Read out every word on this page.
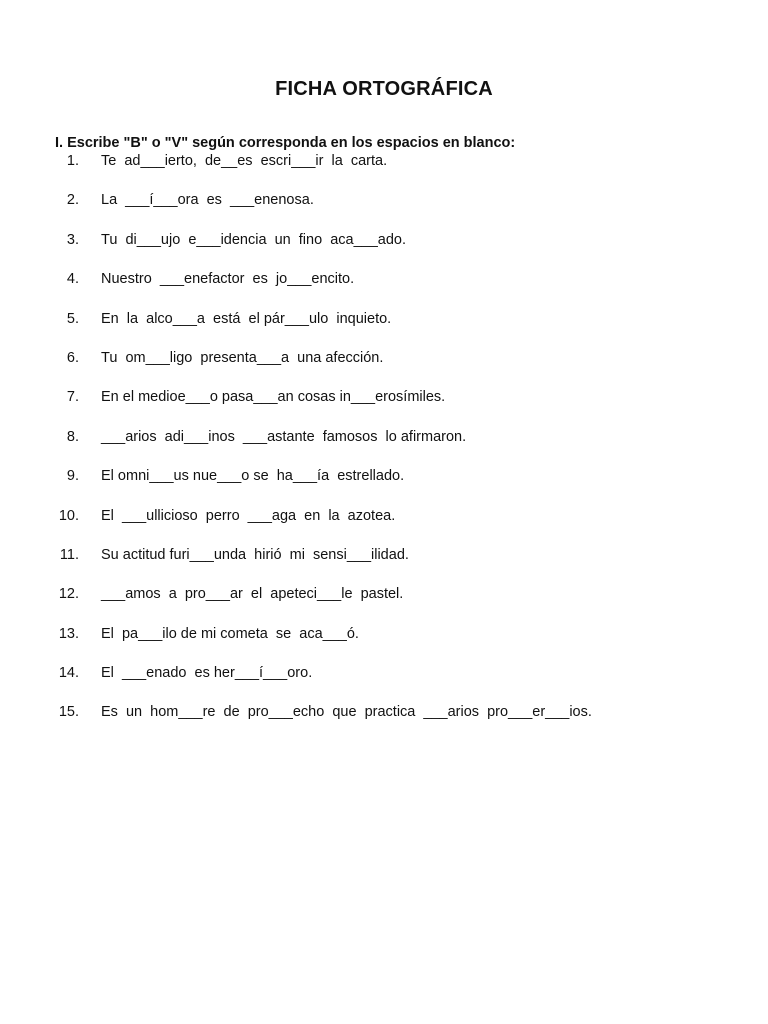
FICHA ORTOGRÁFICA
I. Escribe "B" o "V" según corresponda en los espacios en blanco:

1.

Te  ad___ierto,  de__es  escri___ir  la  carta.

2.

La  ___í___ora  es  ___enenosa.

3.

Tu  di___ujo  e___idencia  un  fino  aca___ado.

4.

Nuestro  ___enefactor  es  jo___encito.

5.

En  la  alco___a  está  el pár___ulo  inquieto.

6.

Tu  om___ligo  presenta___a  una afección.

7.

En el medioe___o pasa___an cosas in___erosímiles.

8.

___arios  adi___inos  ___astante  famosos  lo afirmaron.

9.

El omni___us nue___o se  ha___ía  estrellado.

10.

El  ___ullicioso  perro  ___aga  en  la  azotea.

11.

Su actitud furi___unda  hirió  mi  sensi___ilidad.

12.

___amos  a  pro___ar  el  apeteci___le  pastel.

13.

El  pa___ilo de mi cometa  se  aca___ó.

14.

El  ___enado  es her___í___oro.

15.

Es  un  hom___re  de  pro___echo  que  practica  ___arios  pro___er___ios.
